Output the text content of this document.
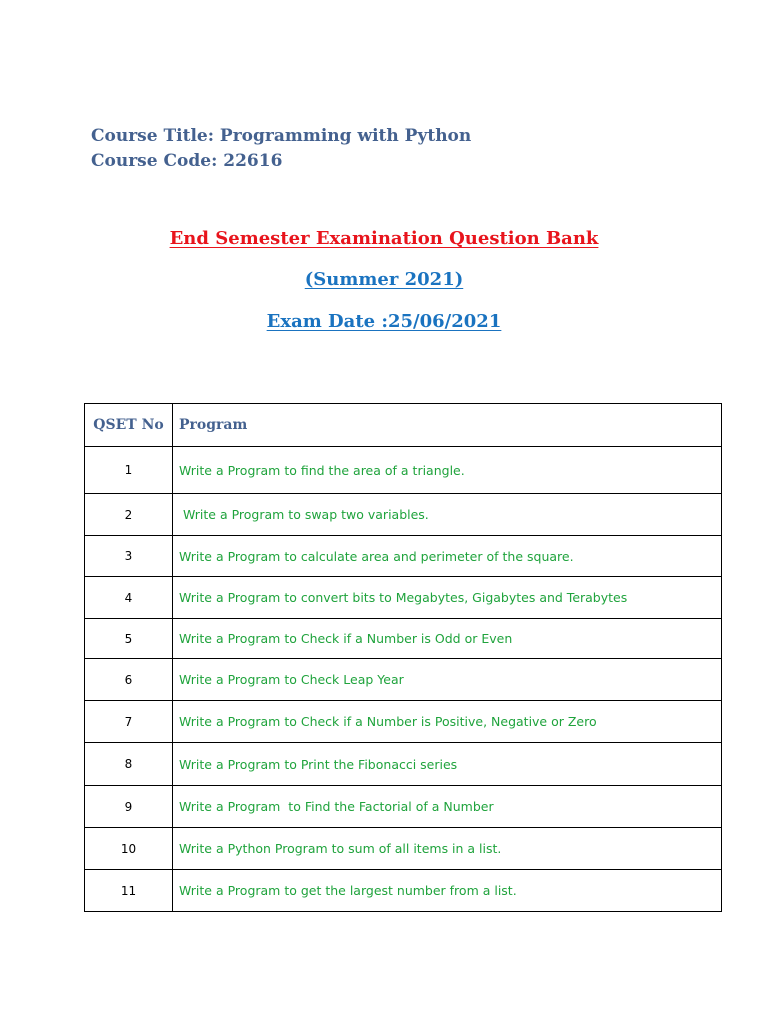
Course Title: Programming with Python
Course Code: 22616
End Semester Examination Question Bank
(Summer 2021)
Exam Date :25/06/2021
QSET No	Program
1	Write a Program to find the area of a triangle.
2	Write a Program to swap two variables.
3	Write a Program to calculate area and perimeter of the square.
4	Write a Program to convert bits to Megabytes, Gigabytes and Terabytes
5	Write a Program to Check if a Number is Odd or Even
6	Write a Program to Check Leap Year
7	Write a Program to Check if a Number is Positive, Negative or Zero
8	Write a Program to Print the Fibonacci series
9	Write a Program  to Find the Factorial of a Number
10	Write a Python Program to sum of all items in a list.
11	Write a Program to get the largest number from a list.
